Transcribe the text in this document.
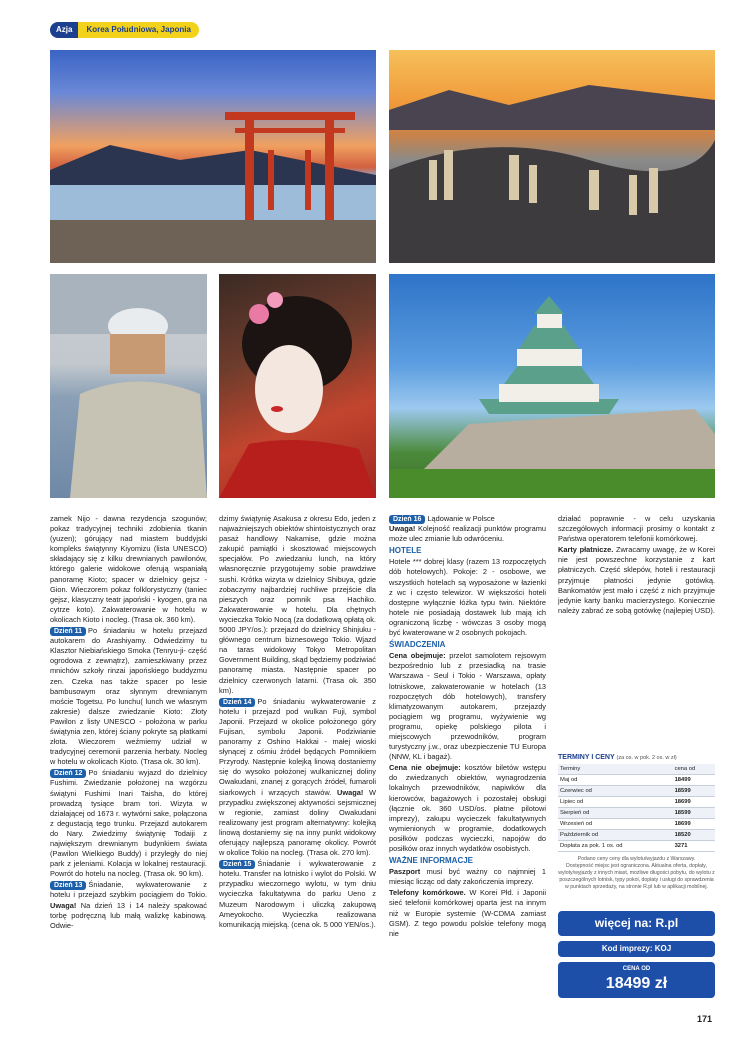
Azja	Korea Południowa, Japonia

zamek Nijo - dawna rezydencja szogunów; pokaz tradycyjnej techniki zdobienia tkanin (yuzen); górujący nad miastem buddyjski kompleks świątynny Kiyomizu (lista UNESCO) składający się z kilku drewnianych pawilonów, którego galerie widokowe oferują wspaniałą panoramę Kioto; spacer w dzielnicy gejsz - Gion. Wieczorem pokaz folklorystyczny (taniec gejsz, klasyczny teatr japoński - kyogen, gra na cytrze koto). Zakwaterowanie w hotelu w okolicach Kioto i nocleg. (Trasa ok. 360 km).

Dzień 11 Po śniadaniu w hotelu przejazd autokarem do Arashiyamy. Odwiedzimy tu Klasztor Niebiańskiego Smoka (Tenryu-ji- część ogrodowa z zewnątrz), zamieszkiwany przez mnichów szkoły rinzai japońskiego buddyzmu zen. Czeka nas także spacer po lesie bambusowym oraz słynnym drewnianym moście Togetsu. Po lunchu( lunch we własnym zakresie) dalsze zwiedzanie Kioto: Złoty Pawilon z listy UNESCO - położona w parku świątynia zen, której ściany pokryte są płatkami złota. Wieczorem weźmiemy udział w tradycyjnej ceremonii parzenia herbaty. Nocleg w hotelu w okolicach Kioto. (Trasa ok. 30 km).

Dzień 12 Po śniadaniu wyjazd do dzielnicy Fushimi. Zwiedzanie położonej na wzgórzu świątyni Fushimi Inari Taisha, do której prowadzą tysiące bram tori. Wizyta w działającej od 1673 r. wytwórni sake, połączona z degustacją tego trunku. Przejazd autokarem do Nary. Zwiedzimy świątynię Todaiji z największym drewnianym budynkiem świata (Pawilon Wielkiego Buddy) i przyległy do niej park z jeleniami. Kolacja w lokalnej restauracji. Powrót do hotelu na nocleg. (Trasa ok. 90 km).

Dzień 13 Śniadanie, wykwaterowanie z hotelu i przejazd szybkim pociągiem do Tokio. Uwaga! Na dzień 13 i 14 należy spakować torbę podręczną lub małą walizkę kabinową. Odwie-

dzimy świątynię Asakusa z okresu Edo, jeden z najważniejszych obiektów shintoistycznych oraz pasaż handlowy Nakamise, gdzie można zakupić pamiątki i skosztować miejscowych specjałów. Po zwiedzaniu lunch, na który własnoręcznie przygotujemy sobie prawdziwe sushi. Krótka wizyta w dzielnicy Shibuya, gdzie zobaczymy najbardziej ruchliwe przejście dla pieszych oraz pomnik psa Hachiko. Zakwaterowanie w hotelu. Dla chętnych wycieczka Tokio Nocą (za dodatkową opłatą ok. 5000 JPY/os.): przejazd do dzielnicy Shinjuku - głównego centrum biznesowego Tokio. Wjazd na taras widokowy Tokyo Metropolitan Government Building, skąd będziemy podziwiać panoramę miasta. Następnie spacer po dzielnicy czerwonych latarni. (Trasa ok. 350 km).

Dzień 14 Po śniadaniu wykwaterowanie z hotelu i przejazd pod wulkan Fuji, symbol Japonii. Przejazd w okolice położonego góry Fujisan, symbolu Japonii. Podziwianie panoramy z Oshino Hakkai - małej wioski słynącej z ośmiu źródeł będących Pomnikiem Przyrody. Następnie kolejką linową dostaniemy się do wysoko położonej wulkanicznej doliny Owakudani, znanej z gorących źródeł, fumaroli siarkowych i wrzących stawów. Uwaga! W przypadku zwiększonej aktywności sejsmicznej w regionie, zamiast doliny Owakudani realizowany jest program alternatywny: kolejką linową dostaniemy się na inny punkt widokowy oferujący najlepszą panoramę okolicy. Powrót w okolice Tokio na nocleg. (Trasa ok. 270 km).

Dzień 15 Śniadanie i wykwaterowanie z hotelu. Transfer na lotnisko i wylot do Polski. W przypadku wieczornego wylotu, w tym dniu wycieczka fakultatywna do parku Ueno z Muzeum Narodowym i uliczką zakupową Ameyokocho. Wycieczka realizowana komunikacją miejską. (cena ok. 5 000 YEN/os.).

Dzień 16 Lądowanie w Polsce
Uwaga! Kolejność realizacji punktów programu może ulec zmianie lub odwróceniu.

HOTELE

Hotele *** dobrej klasy (razem 13 rozpoczętych dób hotelowych). Pokoje: 2 - osobowe, we wszystkich hotelach są wyposażone w łazienki z wc i często telewizor. W większości hoteli dostępne wyłącznie łóżka typu twin. Niektóre hotele nie posiadają dostawek lub mają ich ograniczoną liczbę - wówczas 3 osoby mogą być kwaterowane w 2 osobnych pokojach.

ŚWIADCZENIA

Cena obejmuje: przelot samolotem rejsowym bezpośrednio lub z przesiadką na trasie Warszawa - Seul i Tokio - Warszawa, opłaty lotniskowe, zakwaterowanie w hotelach (13 rozpoczętych dób hotelowych), transfery klimatyzowanym autokarem, przejazdy pociągiem wg programu, wyżywienie wg programu, opiekę polskiego pilota i miejscowych przewodników, program turystyczny j.w., oraz ubezpieczenie TU Europa (NNW, KL i bagaż).

Cena nie obejmuje: kosztów biletów wstępu do zwiedzanych obiektów, wynagrodzenia lokalnych przewodników, napiwków dla kierowców, bagażowych i pozostałej obsługi (łącznie ok. 360 USD/os. płatne pilotowi imprezy), zakupu wycieczek fakultatywnych wymienionych w programie, dodatkowych posiłków podczas wycieczki, napojów do posiłków oraz innych wydatków osobistych.

WAŻNE INFORMACJE

Paszport musi być ważny co najmniej 1 miesiąc licząc od daty zakończenia imprezy.

Telefony komórkowe. W Korei Płd. i Japonii sieć telefonii komórkowej oparta jest na innym niż w Europie systemie (W-CDMA zamiast GSM). Z tego powodu polskie telefony mogą nie

działać poprawnie - w celu uzyskania szczegółowych informacji prosimy o kontakt z Państwa operatorem telefonii komórkowej.

Karty płatnicze. Zwracamy uwagę, że w Korei nie jest powszechne korzystanie z kart płatniczych. Część sklepów, hoteli i restauracji przyjmuje płatności jedynie gotówką. Bankomatów jest mało i część z nich przyjmuje jedynie karty banku macierzystego. Koniecznie należy zabrać ze sobą gotówkę (najlepiej USD).

TERMINY I CENY (za os. w pok. 2 os. w zł)
Terminy	cena od
Maj od	18499
Czerwiec od	18599
Lipiec od	18699
Sierpień od	18599
Wrzesień od	18699
Październik od	18520
Dopłata za pok. 1 os. od	3271
Podano ceny ceny dla wylotu/wyjazdu z Warszawy.
Dostępność miejsc jest ograniczona. Aktualna oferta, dopłaty, wyloty/wyjazdy z innych miast, możliwe długości pobytu, do wylotu z poszczególnych lotnisk, typy pokoi, dopłaty i usługi do sprawdzenia w punktach sprzedaży, na stronie R.pl lub w aplikacji mobilnej.
więcej na: R.pl
Kod imprezy: KOJ
CENA OD
18499 zł
171
